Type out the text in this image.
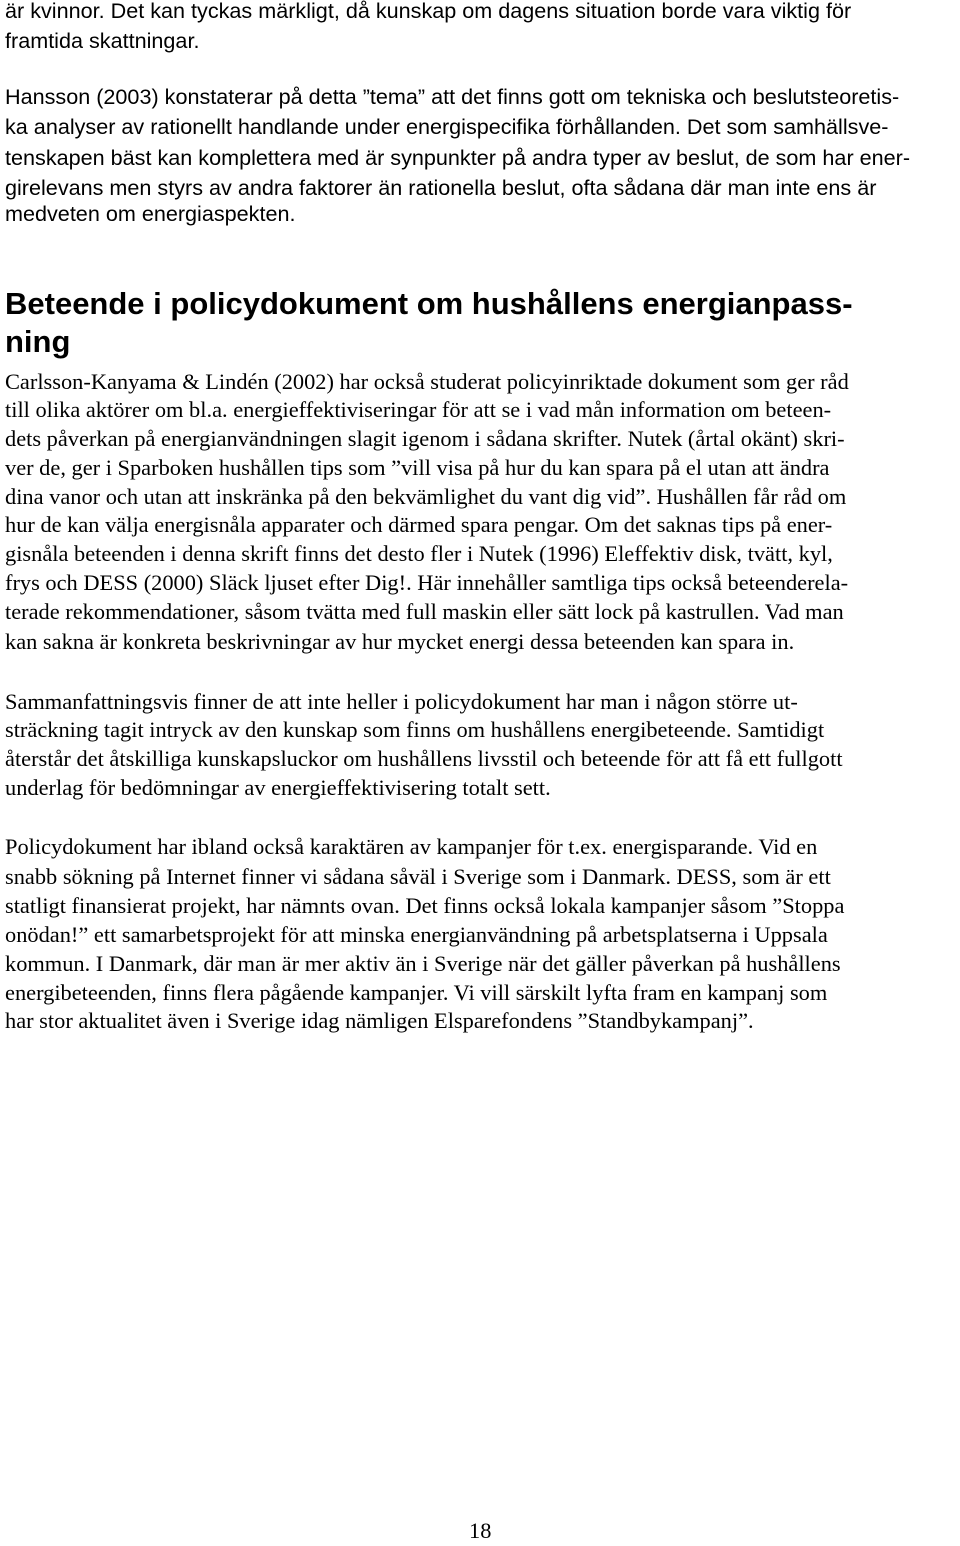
är kvinnor. Det kan tyckas märkligt, då kunskap om dagens situation borde vara viktig för

framtida skattningar.

Hansson (2003) konstaterar på detta ”tema” att det finns gott om tekniska och beslutsteoretis-

ka analyser av rationellt handlande under energispecifika förhållanden. Det som samhällsve-

tenskapen bäst kan komplettera med är synpunkter på andra typer av beslut, de som har ener-

girelevans men styrs av andra faktorer än rationella beslut, ofta sådana där man inte ens är

medveten om energiaspekten.

Beteende i policydokument om hushållens energianpass-

ning

Carlsson-Kanyama & Lindén (2002) har också studerat policyinriktade dokument som ger råd

till olika aktörer om bl.a. energieffektiviseringar för att se i vad mån information om beteen-

dets påverkan på energianvändningen slagit igenom i sådana skrifter. Nutek (årtal okänt) skri-

ver de, ger i Sparboken hushållen tips som ”vill visa på hur du kan spara på el utan att ändra

dina vanor och utan att inskränka på den bekvämlighet du vant dig vid”. Hushållen får råd om

hur de kan välja energisnåla apparater och därmed spara pengar. Om det saknas tips på ener-

gisnåla beteenden i denna skrift finns det desto fler i Nutek (1996) Eleffektiv disk, tvätt, kyl,

frys och DESS (2000) Släck ljuset efter Dig!. Här innehåller samtliga tips också beteenderela-

terade rekommendationer, såsom tvätta med full maskin eller sätt lock på kastrullen. Vad man

kan sakna är konkreta beskrivningar av hur mycket energi dessa beteenden kan spara in.

Sammanfattningsvis finner de att inte heller i policydokument har man i någon större ut-

sträckning tagit intryck av den kunskap som finns om hushållens energibeteende. Samtidigt

återstår det åtskilliga kunskapsluckor om hushållens livsstil och beteende för att få ett fullgott

underlag för bedömningar av energieffektivisering totalt sett.

Policydokument har ibland också karaktären av kampanjer för t.ex. energisparande. Vid en

snabb sökning på Internet finner vi sådana såväl i Sverige som i Danmark. DESS, som är ett

statligt finansierat projekt, har nämnts ovan. Det finns också lokala kampanjer såsom ”Stoppa

onödan!” ett samarbetsprojekt för att minska energianvändning på arbetsplatserna i Uppsala

kommun. I Danmark, där man är mer aktiv än i Sverige när det gäller påverkan på hushållens

energibeteenden, finns flera pågående kampanjer. Vi vill särskilt lyfta fram en kampanj som

har stor aktualitet även i Sverige idag nämligen Elsparefondens ”Standbykampanj”.

18
